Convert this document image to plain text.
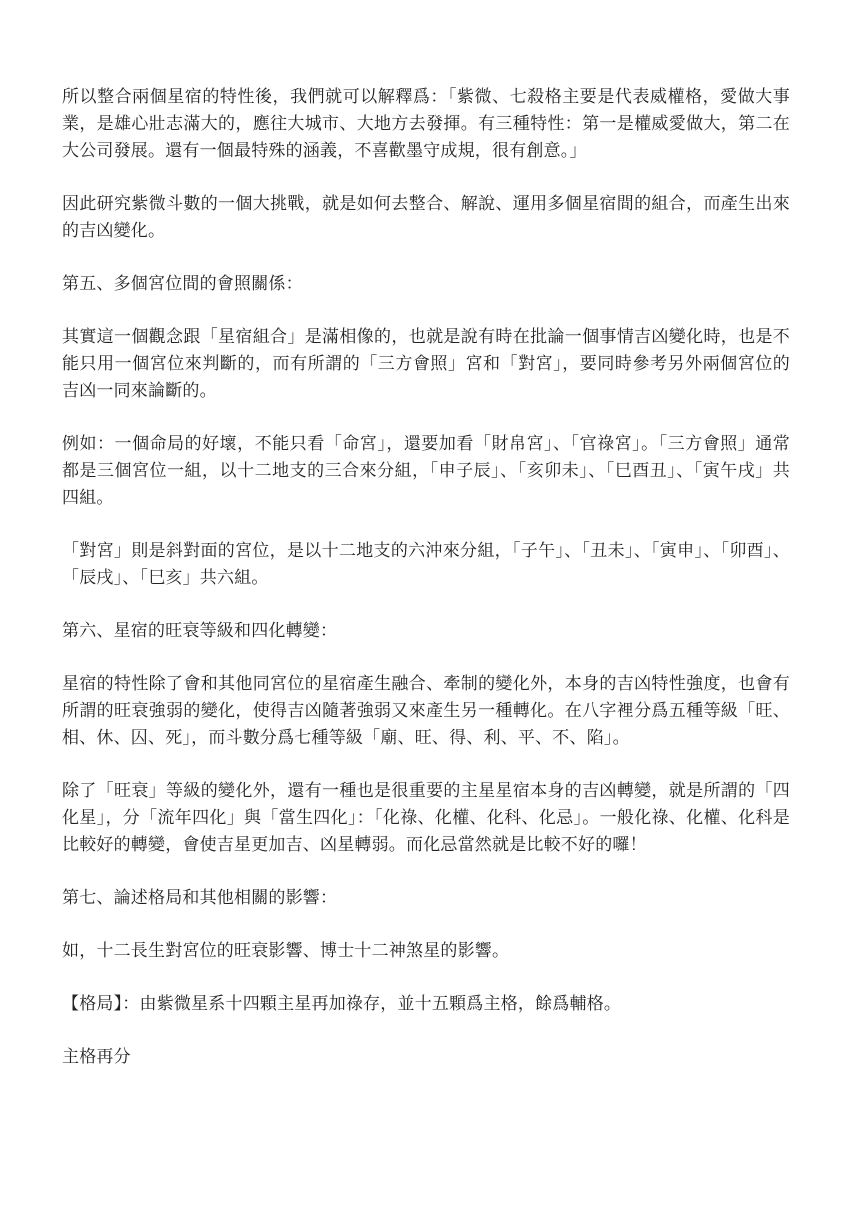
所以整合兩個星宿的特性後，我們就可以解釋爲：「紫微、七殺格主要是代表威權格，愛做大事業，是雄心壯志滿大的，應往大城市、大地方去發揮。有三種特性：第一是權威愛做大，第二在大公司發展。還有一個最特殊的涵義，不喜歡墨守成規，很有創意。」

因此研究紫微斗數的一個大挑戰，就是如何去整合、解說、運用多個星宿間的組合，而產生出來的吉凶變化。

第五、多個宮位間的會照關係：

其實這一個觀念跟「星宿組合」是滿相像的，也就是說有時在批論一個事情吉凶變化時，也是不能只用一個宮位來判斷的，而有所謂的「三方會照」宮和「對宮」，要同時參考另外兩個宮位的吉凶一同來論斷的。

例如：一個命局的好壞，不能只看「命宮」，還要加看「財帛宮」、「官祿宮」。「三方會照」通常都是三個宮位一組，以十二地支的三合來分組，「申子辰」、「亥卯未」、「巳酉丑」、「寅午戌」共四組。

「對宮」則是斜對面的宮位，是以十二地支的六沖來分組，「子午」、「丑未」、「寅申」、「卯酉」、「辰戌」、「巳亥」共六組。

第六、星宿的旺衰等級和四化轉變：

星宿的特性除了會和其他同宮位的星宿產生融合、牽制的變化外，本身的吉凶特性強度，也會有所謂的旺衰強弱的變化，使得吉凶隨著強弱又來產生另一種轉化。在八字裡分爲五種等級「旺、相、休、囚、死」，而斗數分爲七種等級「廟、旺、得、利、平、不、陷」。

除了「旺衰」等級的變化外，還有一種也是很重要的主星星宿本身的吉凶轉變，就是所謂的「四化星」，分「流年四化」與「當生四化」：「化祿、化權、化科、化忌」。一般化祿、化權、化科是比較好的轉變，會使吉星更加吉、凶星轉弱。而化忌當然就是比較不好的囉！

第七、論述格局和其他相關的影響：

如，十二長生對宮位的旺衰影響、博士十二神煞星的影響。

【格局】：由紫微星系十四顆主星再加祿存，並十五顆爲主格，餘爲輔格。

主格再分
